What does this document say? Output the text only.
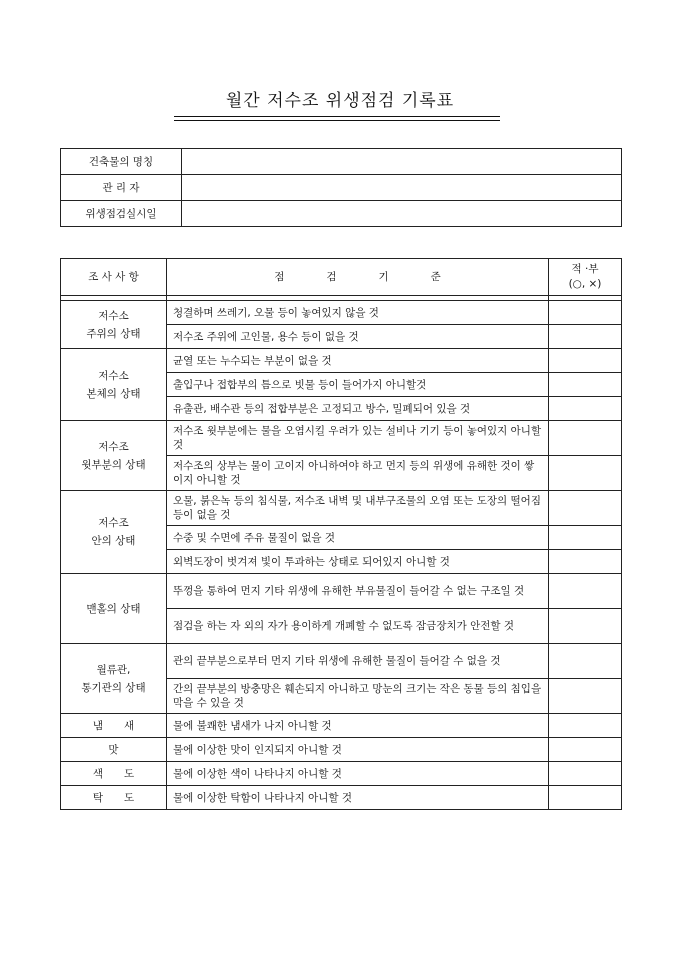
월간 저수조 위생점검 기록표
건축물의 명칭	
관 리 자	
위생점검실시일	
조 사 사 항	점　　　　검　　　　기　　　　준	적 ·부
(○, ×)

저수소
주위의 상태	청결하며 쓰레기, 오물 등이 놓여있지 않을 것	
	저수조 주위에 고인물, 용수 등이 없을 것	
저수소
본체의 상태	균열 또는 누수되는 부분이 없을 것	
	출입구나 접합부의 틈으로 빗물 등이 들어가지 아니할것	
	유출관, 배수관 등의 접합부분은 고정되고 방수, 밀폐되어 있을 것	
저수조
윗부분의 상태	저수조 윗부분에는 물을 오염시킬 우려가 있는 설비나 기기 등이 놓여있지 아니할 것	
	저수조의 상부는 물이 고이지 아니하여야 하고 먼지 등의 위생에 유해한 것이 쌓이지 아니할 것	
저수조
안의 상태	오물, 붉은녹 등의 침식물, 저수조 내벽 및 내부구조물의 오염 또는 도장의 떨어짐 등이 없을 것	
	수중 및 수면에 주유 물질이 없을 것	
	외벽도장이 벗겨져 빛이 투과하는 상태로 되어있지 아니할 것	
맨홀의 상태	뚜껑을 통하여 먼지 기타 위생에 유해한 부유물질이 들어갈 수 없는 구조일 것	
	점검을 하는 자 외의 자가 용이하게 개폐할 수 없도록 잠금장치가 안전할 것	
월류관,
통기관의 상태	관의 끝부분으로부터 먼지 기타 위생에 유해한 물질이 들어갈 수 없을 것	
	간의 끝부분의 방충망은 훼손되지 아니하고 망눈의 크기는 작은 동물 등의 침입을 막을 수 있을 것	
냄　　새	물에 불쾌한 냄새가 나지 아니할 것	
맛	물에 이상한 맛이 인지되지 아니할 것	
색　　도	물에 이상한 색이 나타나지 아니할 것	
탁　　도	물에 이상한 탁함이 나타나지 아니할 것	
